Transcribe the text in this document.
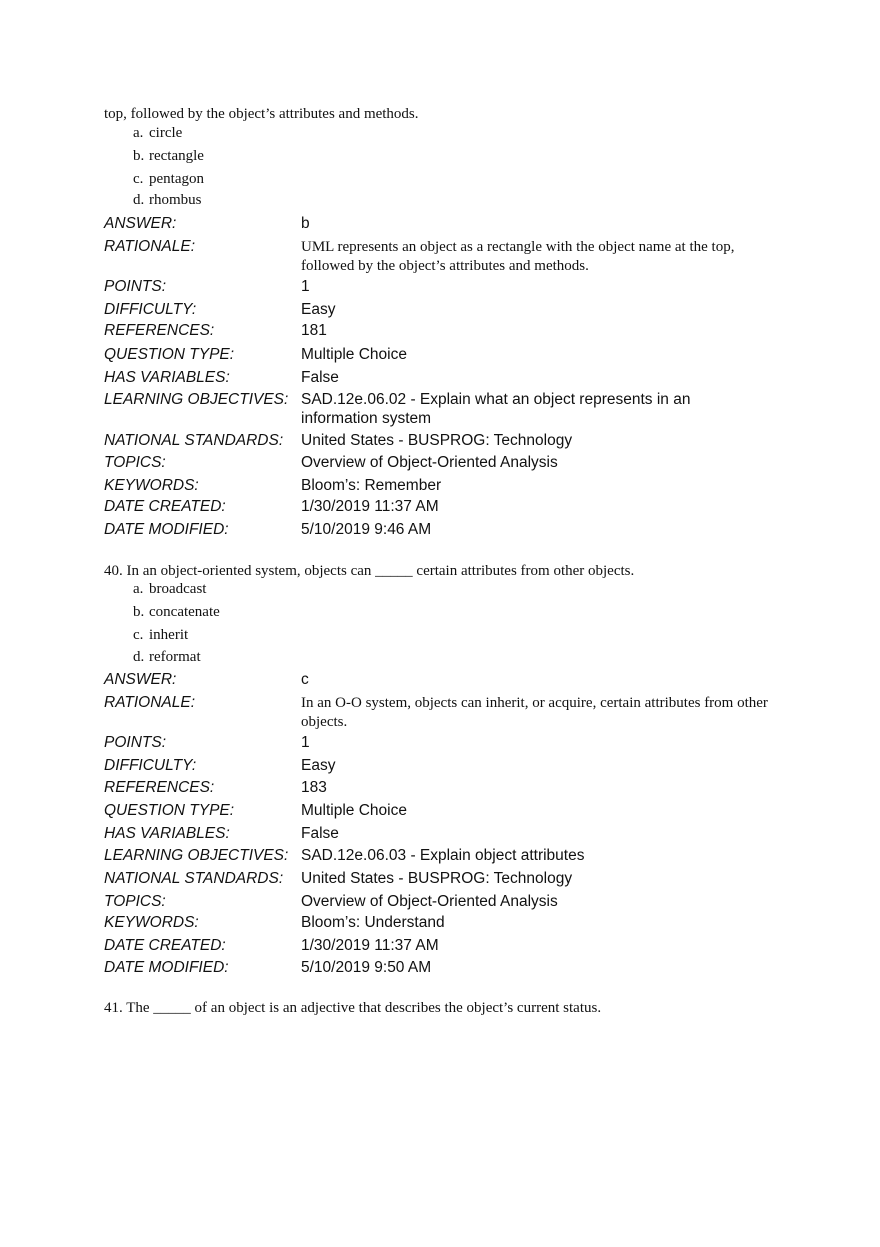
top, followed by the object’s attributes and methods.
a. circle
b. rectangle
c. pentagon
d. rhombus
ANSWER:	b
RATIONALE:	UML represents an object as a rectangle with the object name at the top, followed by the object’s attributes and methods.
POINTS:	1
DIFFICULTY:	Easy
REFERENCES:	181
QUESTION TYPE:	Multiple Choice
HAS VARIABLES:	False
LEARNING OBJECTIVES: SAD.12e.06.02 - Explain what an object represents in an information system
NATIONAL STANDARDS: United States - BUSPROG: Technology
TOPICS:	Overview of Object-Oriented Analysis
KEYWORDS:	Bloom’s: Remember
DATE CREATED:	1/30/2019 11:37 AM
DATE MODIFIED:	5/10/2019 9:46 AM
40. In an object-oriented system, objects can _____ certain attributes from other objects.
a. broadcast
b. concatenate
c. inherit
d. reformat
ANSWER:	c
RATIONALE:	In an O-O system, objects can inherit, or acquire, certain attributes from other objects.
POINTS:	1
DIFFICULTY:	Easy
REFERENCES:	183
QUESTION TYPE:	Multiple Choice
HAS VARIABLES:	False
LEARNING OBJECTIVES: SAD.12e.06.03 - Explain object attributes
NATIONAL STANDARDS: United States - BUSPROG: Technology
TOPICS:	Overview of Object-Oriented Analysis
KEYWORDS:	Bloom’s: Understand
DATE CREATED:	1/30/2019 11:37 AM
DATE MODIFIED:	5/10/2019 9:50 AM
41. The _____ of an object is an adjective that describes the object’s current status.
